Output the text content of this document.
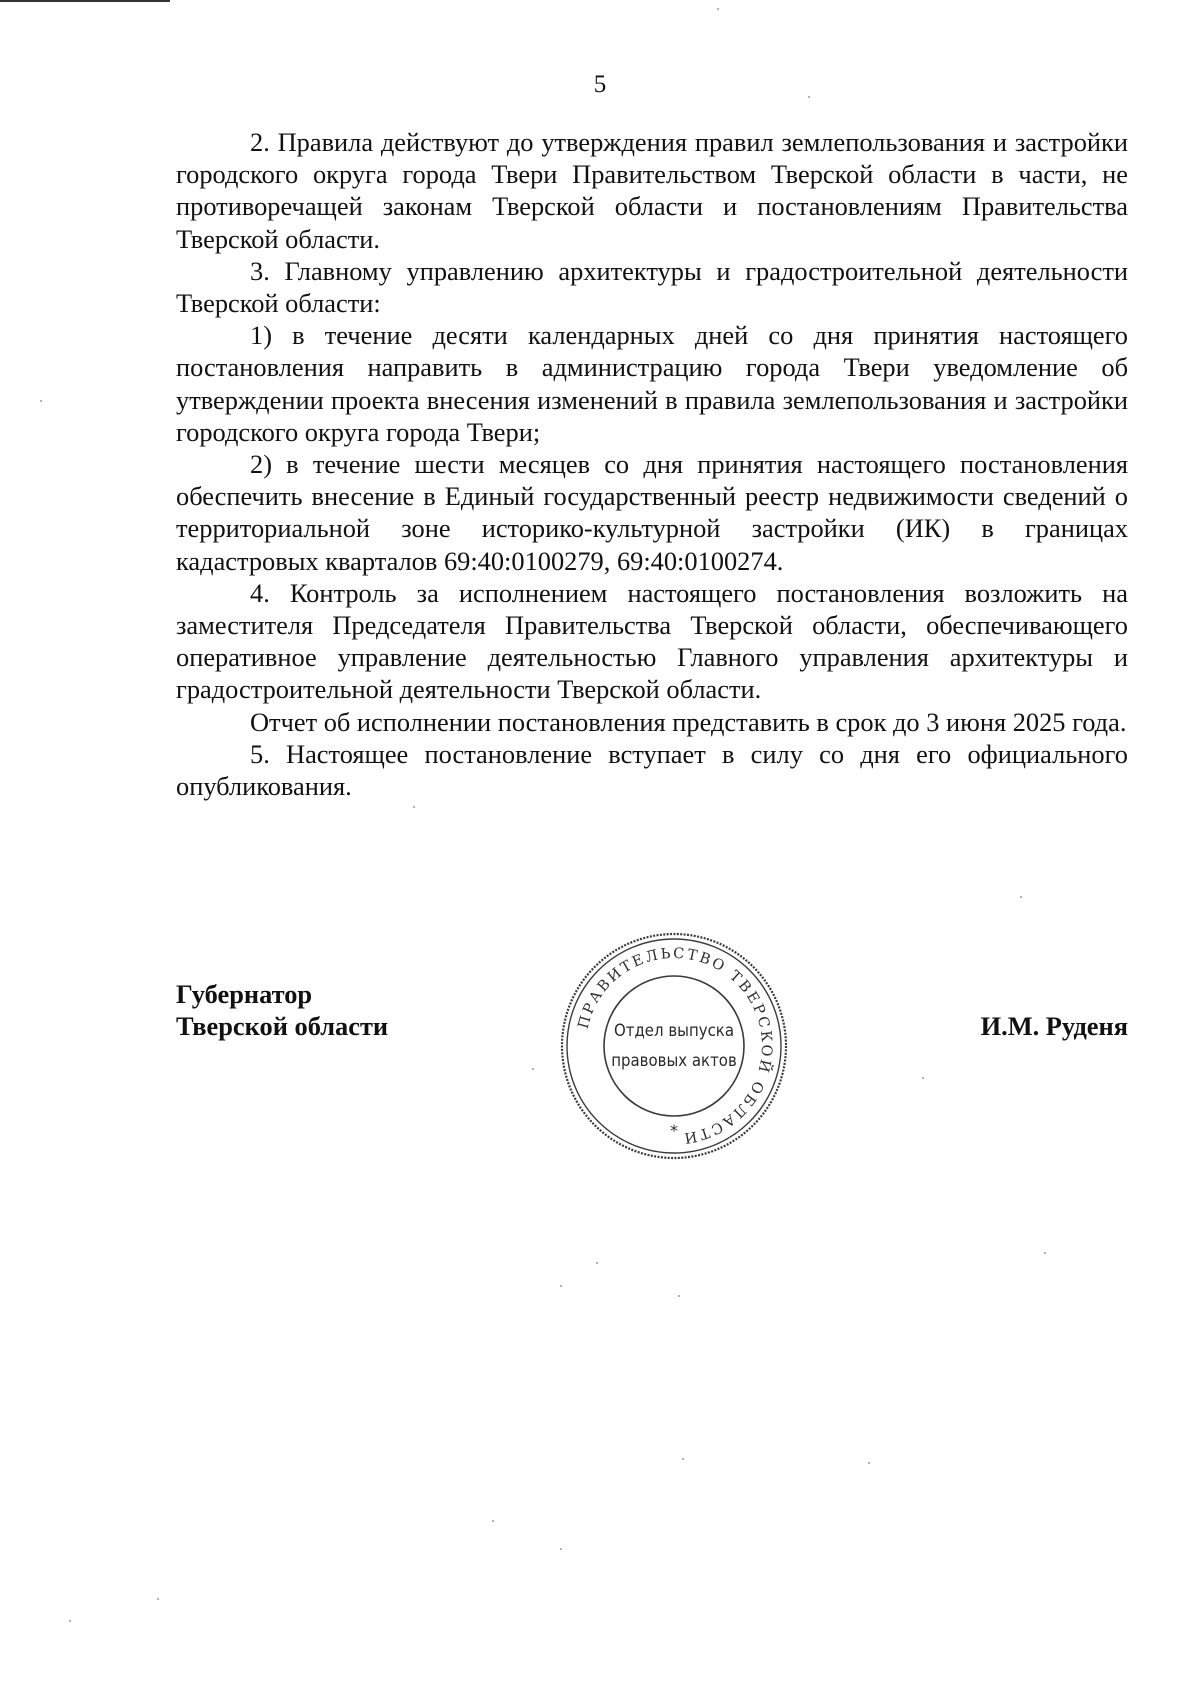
5

2. Правила действуют до утверждения правил землепользования и застройки городского округа города Твери Правительством Тверской области в части, не противоречащей законам Тверской области и постановлениям Правительства Тверской области.

3. Главному управлению архитектуры и градостроительной деятельности Тверской области:

1) в течение десяти календарных дней со дня принятия настоящего постановления направить в администрацию города Твери уведомление об утверждении проекта внесения изменений в правила землепользования и застройки городского округа города Твери;

2) в течение шести месяцев со дня принятия настоящего постановления обеспечить внесение в Единый государственный реестр недвижимости сведений о территориальной зоне историко-культурной застройки (ИК) в границах кадастровых кварталов 69:40:0100279, 69:40:0100274.

4. Контроль за исполнением настоящего постановления возложить на заместителя Председателя Правительства Тверской области, обеспечивающего оперативное управление деятельностью Главного управления архитектуры и градостроительной деятельности Тверской области.

Отчет об исполнении постановления представить в срок до 3 июня 2025 года.

5. Настоящее постановление вступает в силу со дня его официального опубликования.

Губернатор
Тверской области	ПРАВИТЕЛЬСТВО ТВЕРСКОЙ ОБЛАСТИ
*
Отдел выпуска
правовых актов
И.М. Руденя
